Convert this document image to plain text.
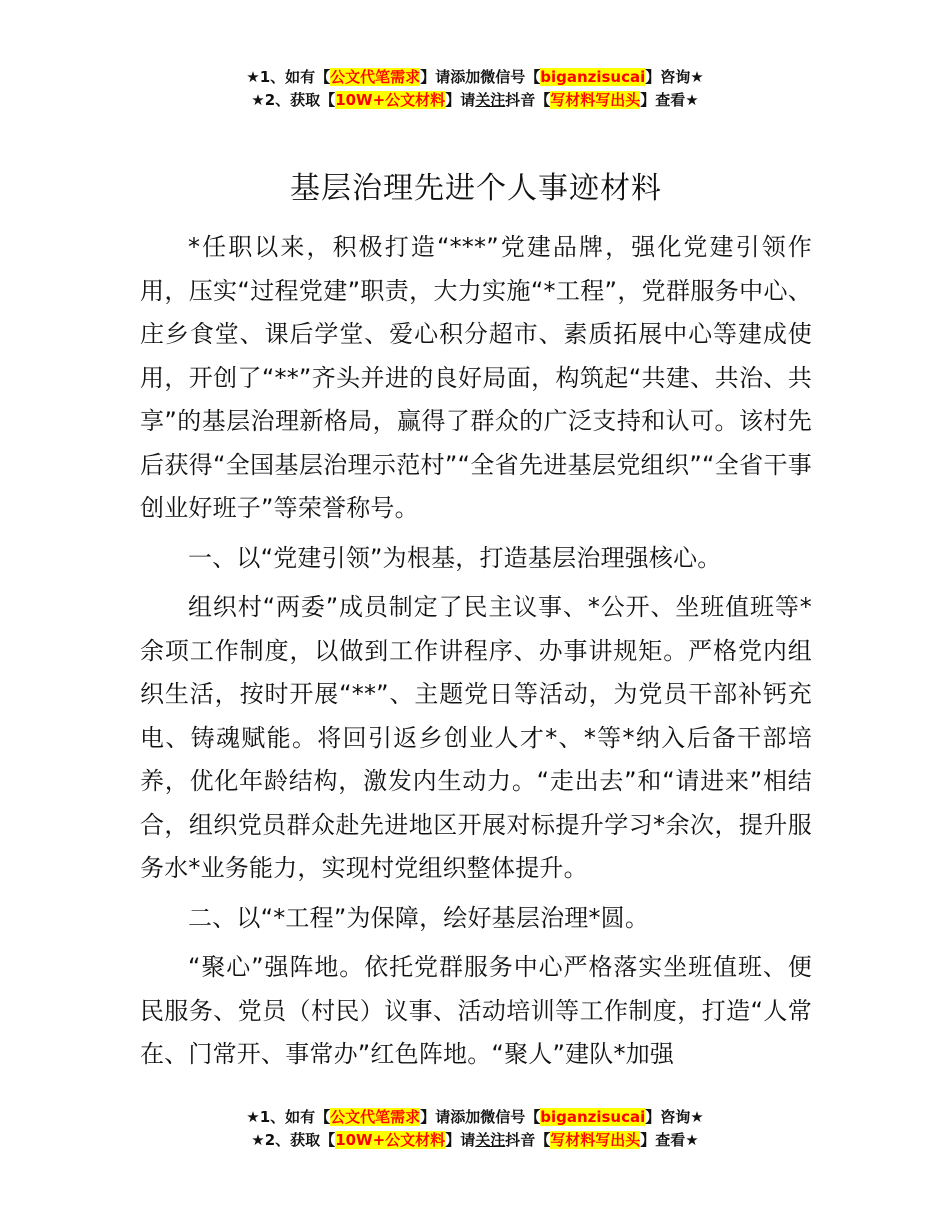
★1、如有【公文代笔需求】请添加微信号【biganzisucai】咨询★
★2、获取【10W+公文材料】请关注抖音【写材料写出头】查看★
基层治理先进个人事迹材料

*任职以来，积极打造“***”党建品牌，强化党建引领作用，压实“过程党建”职责，大力实施“*工程”，党群服务中心、庄乡食堂、课后学堂、爱心积分超市、素质拓展中心等建成使用，开创了“**”齐头并进的良好局面，构筑起“共建、共治、共享”的基层治理新格局，赢得了群众的广泛支持和认可。该村先后获得“全国基层治理示范村”“全省先进基层党组织”“全省干事创业好班子”等荣誉称号。

一、以“党建引领”为根基，打造基层治理强核心。

组织村“两委”成员制定了民主议事、*公开、坐班值班等*余项工作制度，以做到工作讲程序、办事讲规矩。严格党内组织生活，按时开展“**”、主题党日等活动，为党员干部补钙充电、铸魂赋能。将回引返乡创业人才*、*等*纳入后备干部培养，优化年龄结构，激发内生动力。“走出去”和“请进来”相结合，组织党员群众赴先进地区开展对标提升学习*余次，提升服务水*业务能力，实现村党组织整体提升。

二、以“*工程”为保障，绘好基层治理*圆。

“聚心”强阵地。依托党群服务中心严格落实坐班值班、便民服务、党员（村民）议事、活动培训等工作制度，打造“人常在、门常开、事常办”红色阵地。“聚人”建队*加强

★1、如有【公文代笔需求】请添加微信号【biganzisucai】咨询★
★2、获取【10W+公文材料】请关注抖音【写材料写出头】查看★
